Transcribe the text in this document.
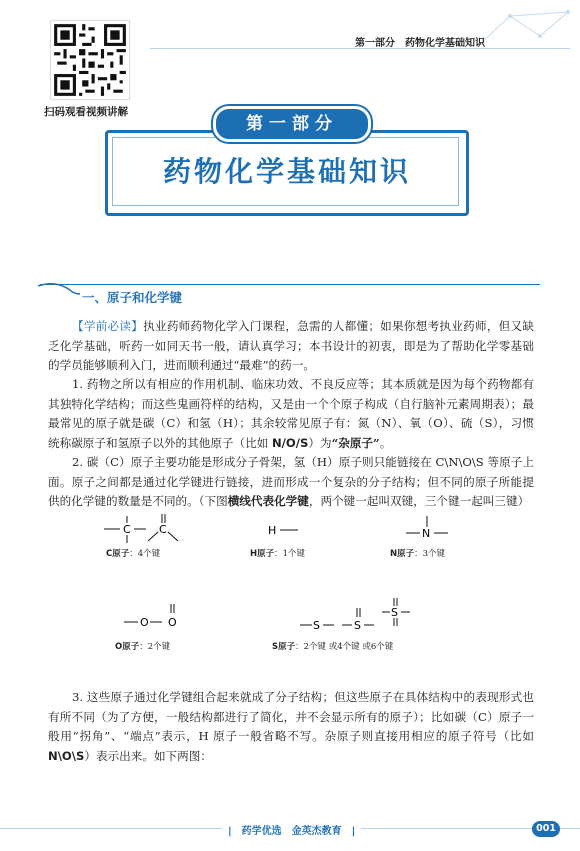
扫码观看视频讲解
第一部分　药物化学基础知识
第一部分
药物化学基础知识
一、原子和化学键
【学前必读】执业药师药物化学入门课程，急需的人都懂；如果你想考执业药师，但又缺乏化学基础，听药一如同天书一般，请认真学习；本书设计的初衷，即是为了帮助化学零基础的学员能够顺利入门，进而顺利通过“最难”的药一。
1. 药物之所以有相应的作用机制、临床功效、不良反应等；其本质就是因为每个药物都有其独特化学结构；而这些鬼画符样的结构，又是由一个个原子构成（自行脑补元素周期表）；最最常见的原子就是碳（C）和氢（H）；其余较常见原子有：氮（N）、氧（O）、硫（S），习惯统称碳原子和氢原子以外的其他原子（比如 N/O/S）为“杂原子”。
2. 碳（C）原子主要功能是形成分子骨架，氢（H）原子则只能链接在 C\N\O\S 等原子上面。原子之间都是通过化学键进行链接，进而形成一个复杂的分子结构；但不同的原子所能提供的化学键的数量是不同的。（下图横线代表化学键，两个键一起叫双键，三个键一起叫三键）
C	C
C原子：4个键
H
H原子：1个键
N
N原子：3个键
O O
O原子：2个键
S	S
S
S原子：2个键 或4个键 或6个键
3. 这些原子通过化学键组合起来就成了分子结构；但这些原子在具体结构中的表现形式也有所不同（为了方便，一般结构都进行了简化，并不会显示所有的原子）；比如碳（C）原子一般用“拐角”、“端点”表示，H 原子一般省略不写。杂原子则直接用相应的原子符号（比如 N\O\S）表示出来。如下两图：
|　药学优选　金英杰教育　|	001
